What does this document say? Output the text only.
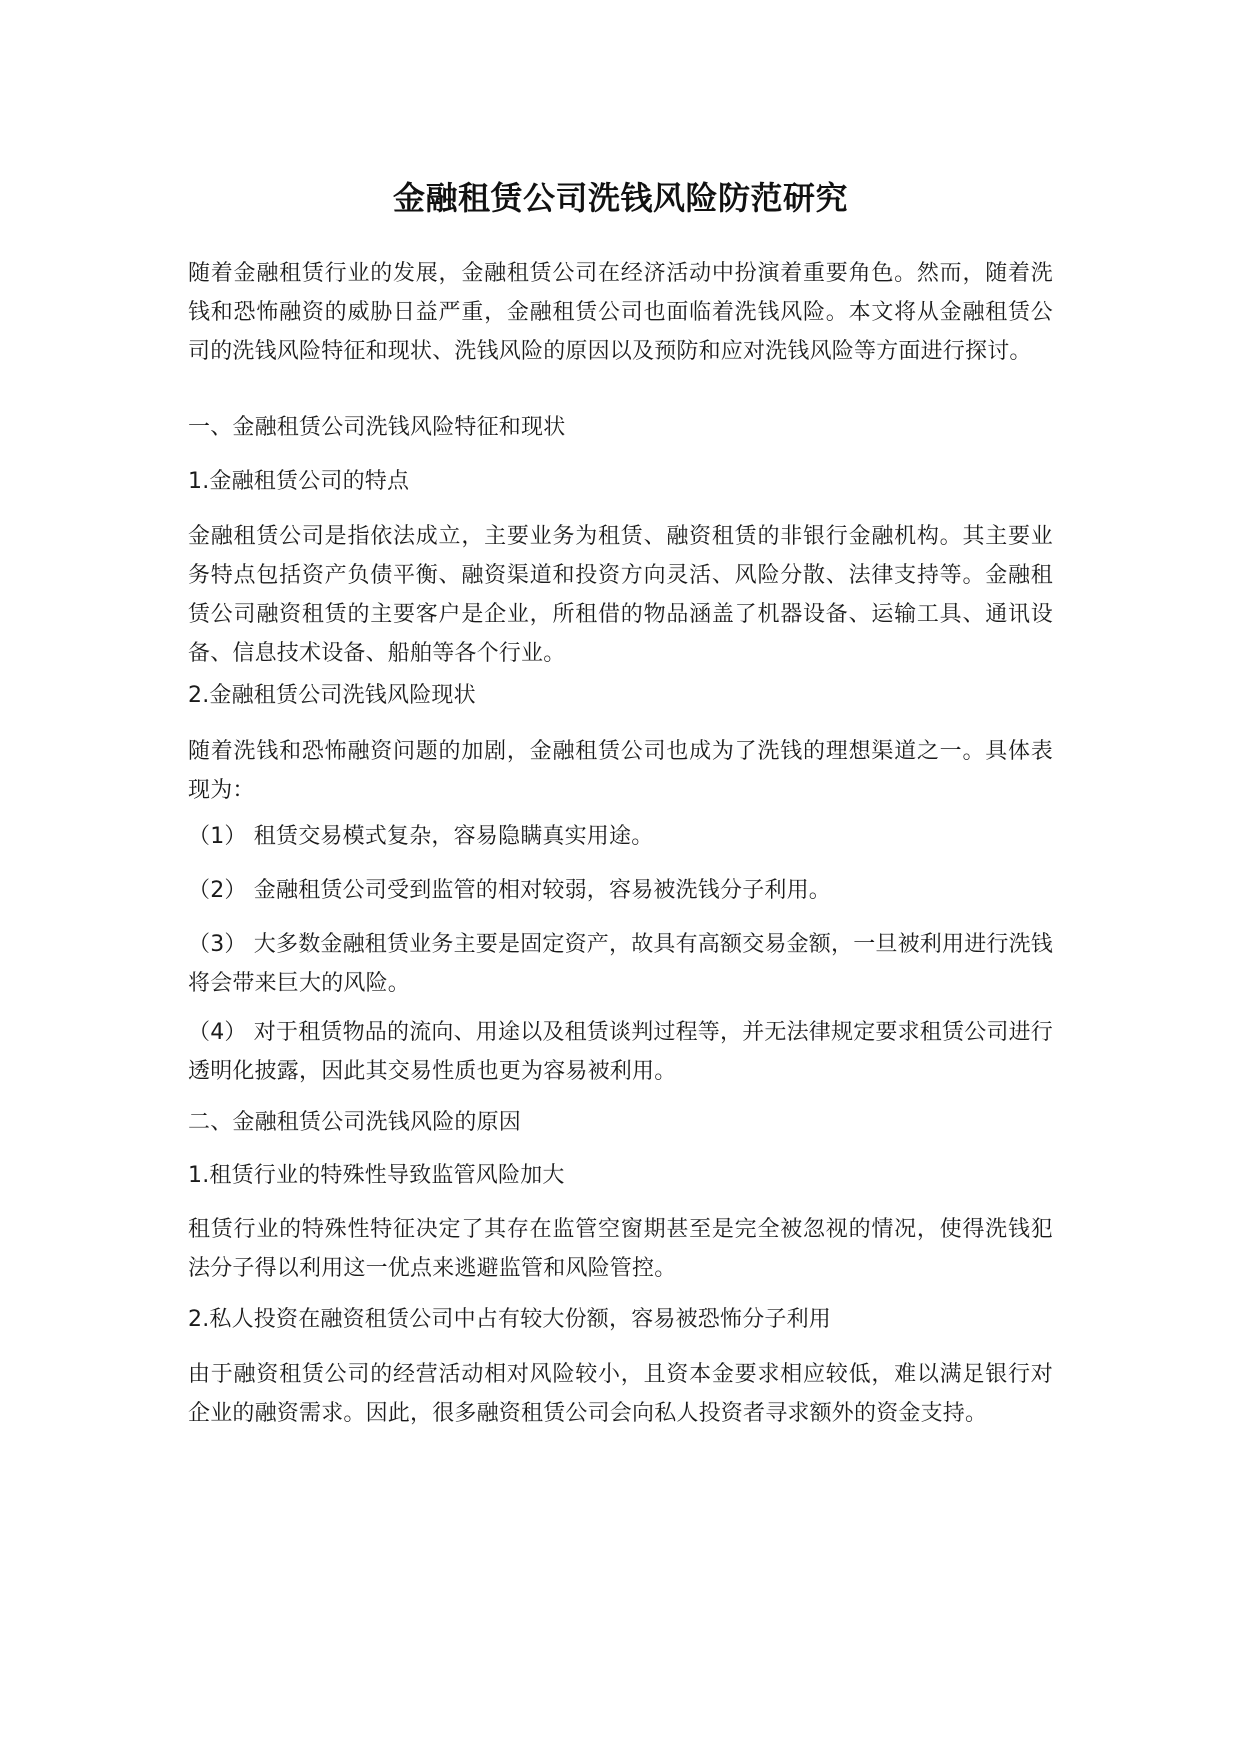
金融租赁公司洗钱风险防范研究
随着金融租赁行业的发展，金融租赁公司在经济活动中扮演着重要角色。然而，随着洗钱和恐怖融资的威胁日益严重，金融租赁公司也面临着洗钱风险。本文将从金融租赁公司的洗钱风险特征和现状、洗钱风险的原因以及预防和应对洗钱风险等方面进行探讨。
一、金融租赁公司洗钱风险特征和现状
1.金融租赁公司的特点
金融租赁公司是指依法成立，主要业务为租赁、融资租赁的非银行金融机构。其主要业务特点包括资产负债平衡、融资渠道和投资方向灵活、风险分散、法律支持等。金融租赁公司融资租赁的主要客户是企业，所租借的物品涵盖了机器设备、运输工具、通讯设备、信息技术设备、船舶等各个行业。
2.金融租赁公司洗钱风险现状
随着洗钱和恐怖融资问题的加剧，金融租赁公司也成为了洗钱的理想渠道之一。具体表现为：
（1） 租赁交易模式复杂，容易隐瞒真实用途。
（2） 金融租赁公司受到监管的相对较弱，容易被洗钱分子利用。
（3） 大多数金融租赁业务主要是固定资产，故具有高额交易金额，一旦被利用进行洗钱将会带来巨大的风险。
（4） 对于租赁物品的流向、用途以及租赁谈判过程等，并无法律规定要求租赁公司进行透明化披露，因此其交易性质也更为容易被利用。
二、金融租赁公司洗钱风险的原因
1.租赁行业的特殊性导致监管风险加大
租赁行业的特殊性特征决定了其存在监管空窗期甚至是完全被忽视的情况，使得洗钱犯法分子得以利用这一优点来逃避监管和风险管控。
2.私人投资在融资租赁公司中占有较大份额，容易被恐怖分子利用
由于融资租赁公司的经营活动相对风险较小，且资本金要求相应较低，难以满足银行对企业的融资需求。因此，很多融资租赁公司会向私人投资者寻求额外的资金支持。
